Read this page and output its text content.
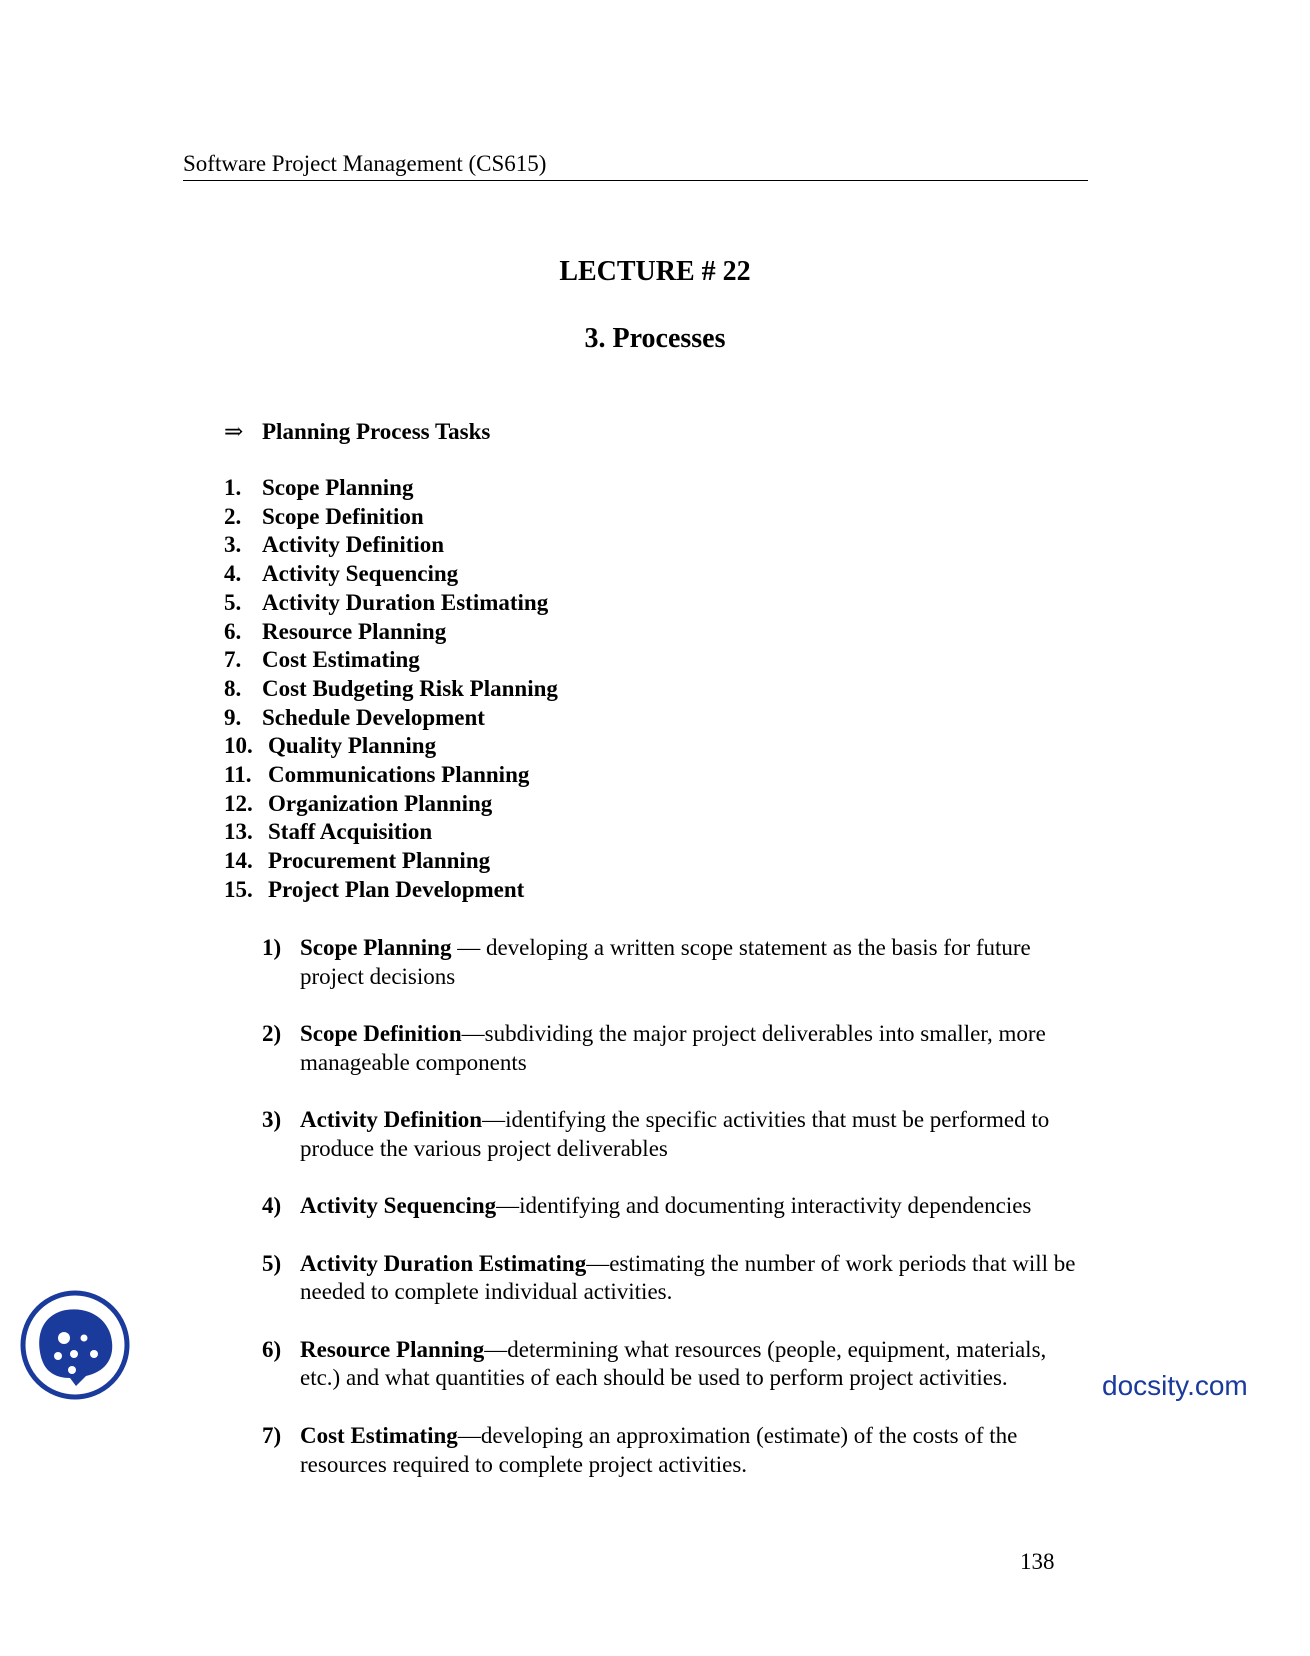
Software Project Management (CS615)
LECTURE # 22
3. Processes
⇒ Planning Process Tasks
1. Scope Planning
2. Scope Definition
3. Activity Definition
4. Activity Sequencing
5. Activity Duration Estimating
6. Resource Planning
7. Cost Estimating
8. Cost Budgeting Risk Planning
9. Schedule Development
10. Quality Planning
11. Communications Planning
12. Organization Planning
13. Staff Acquisition
14. Procurement Planning
15. Project Plan Development
1) Scope Planning — developing a written scope statement as the basis for future project decisions
2) Scope Definition—subdividing the major project deliverables into smaller, more manageable components
3) Activity Definition—identifying the specific activities that must be performed to produce the various project deliverables
4) Activity Sequencing—identifying and documenting interactivity dependencies
5) Activity Duration Estimating—estimating the number of work periods that will be needed to complete individual activities.
6) Resource Planning—determining what resources (people, equipment, materials, etc.) and what quantities of each should be used to perform project activities.
7) Cost Estimating—developing an approximation (estimate) of the costs of the resources required to complete project activities.
138
docsity.com
